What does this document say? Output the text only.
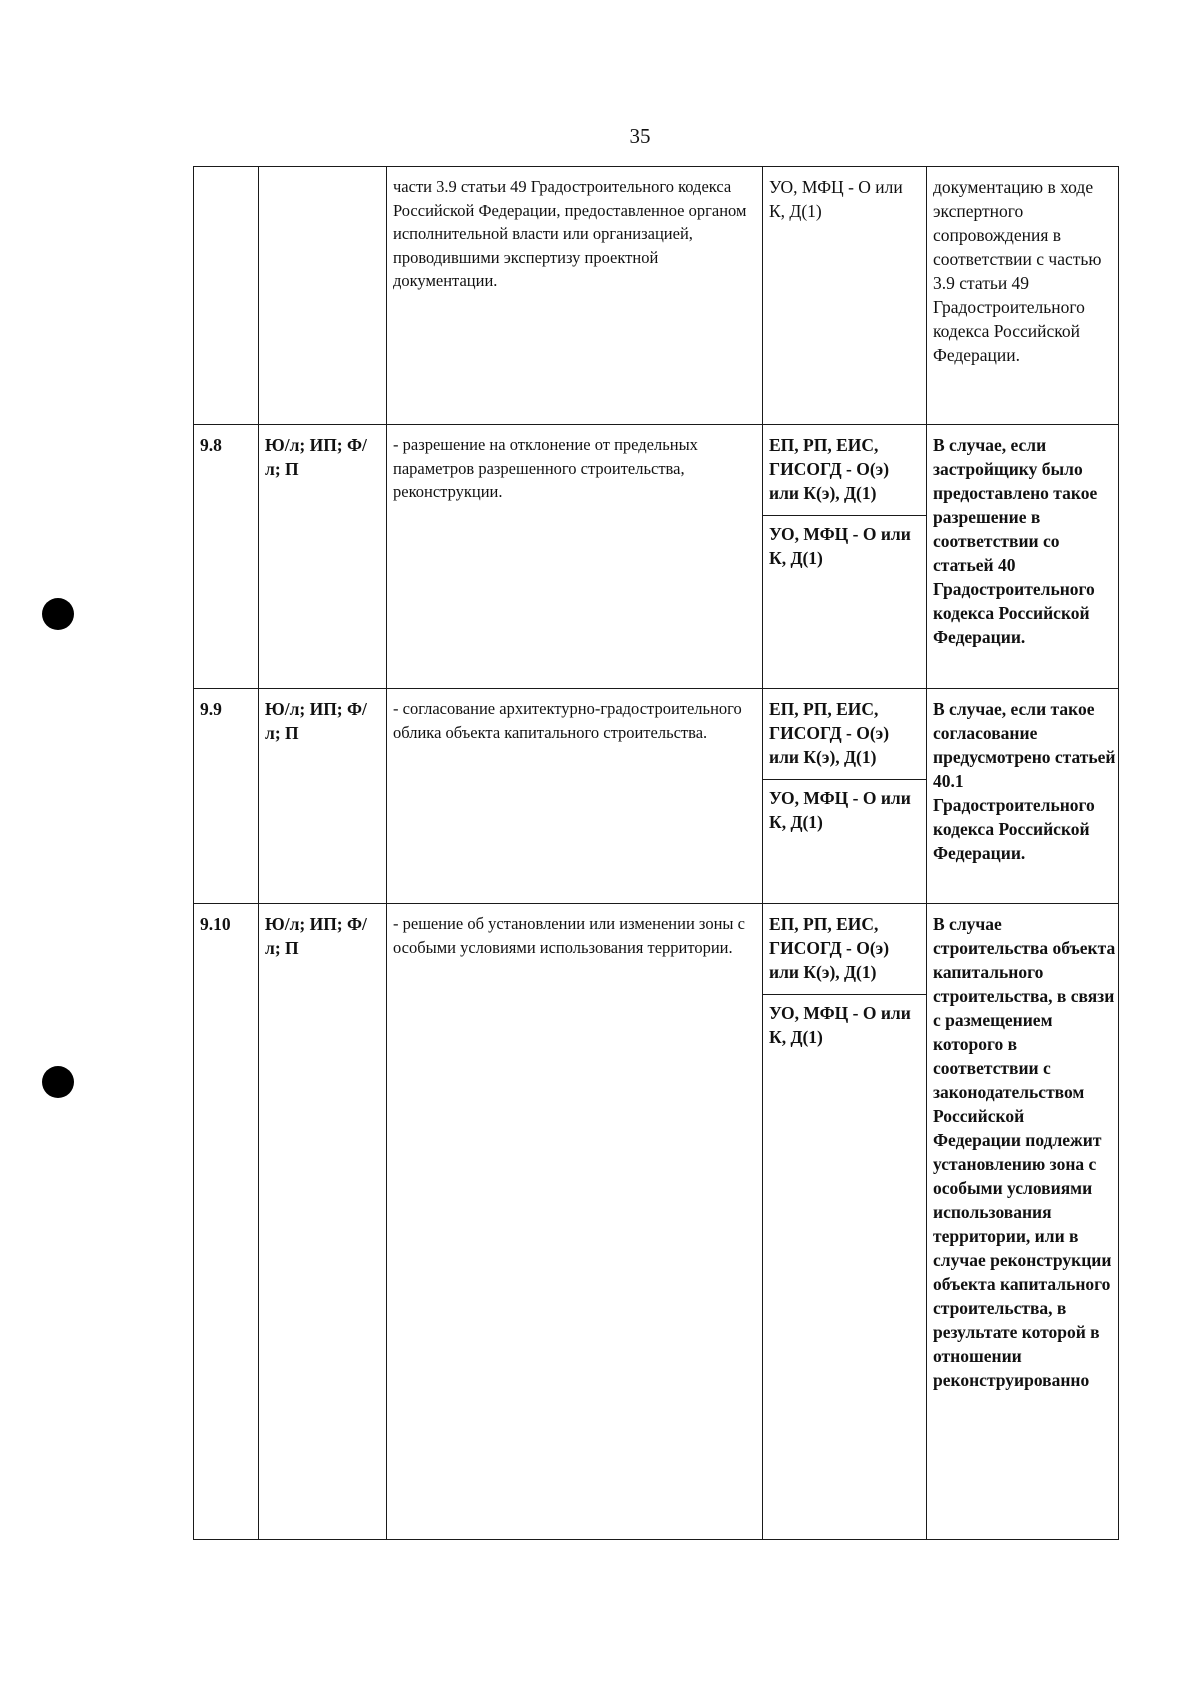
35
		части 3.9 статьи 49 Градостроительного кодекса Российской Федерации, предоставленное органом исполнительной власти или организацией, проводившими экспертизу проектной документации.	УО, МФЦ - О или К, Д(1)	документацию в ходе экспертного сопровождения в соответствии с частью 3.9 статьи 49 Градостроительного кодекса Российской Федерации.
9.8	Ю/л; ИП; Ф/л; П	- разрешение на отклонение от предельных параметров разрешенного строительства, реконструкции.	ЕП, РП, ЕИС, ГИСОГД - О(э) или К(э), Д(1)	В случае, если застройщику было предоставлено такое разрешение в соответствии со статьей 40 Градостроительного кодекса Российской Федерации.
			УО, МФЦ - О или К, Д(1)	
9.9	Ю/л; ИП; Ф/л; П	- согласование архитектурно-градостроительного облика объекта капитального строительства.	ЕП, РП, ЕИС, ГИСОГД - О(э) или К(э), Д(1)	В случае, если такое согласование предусмотрено статьей 40.1 Градостроительного кодекса Российской Федерации.
			УО, МФЦ - О или К, Д(1)	
9.10	Ю/л; ИП; Ф/л; П	- решение об установлении или изменении зоны с особыми условиями использования территории.	ЕП, РП, ЕИС, ГИСОГД - О(э) или К(э), Д(1)	В случае строительства объекта капитального строительства, в связи с размещением которого в соответствии с законодательством Российской Федерации подлежит установлению зона с особыми условиями использования территории, или в случае реконструкции объекта капитального строительства, в результате которой в отношении реконструированно
			УО, МФЦ - О или К, Д(1)	
